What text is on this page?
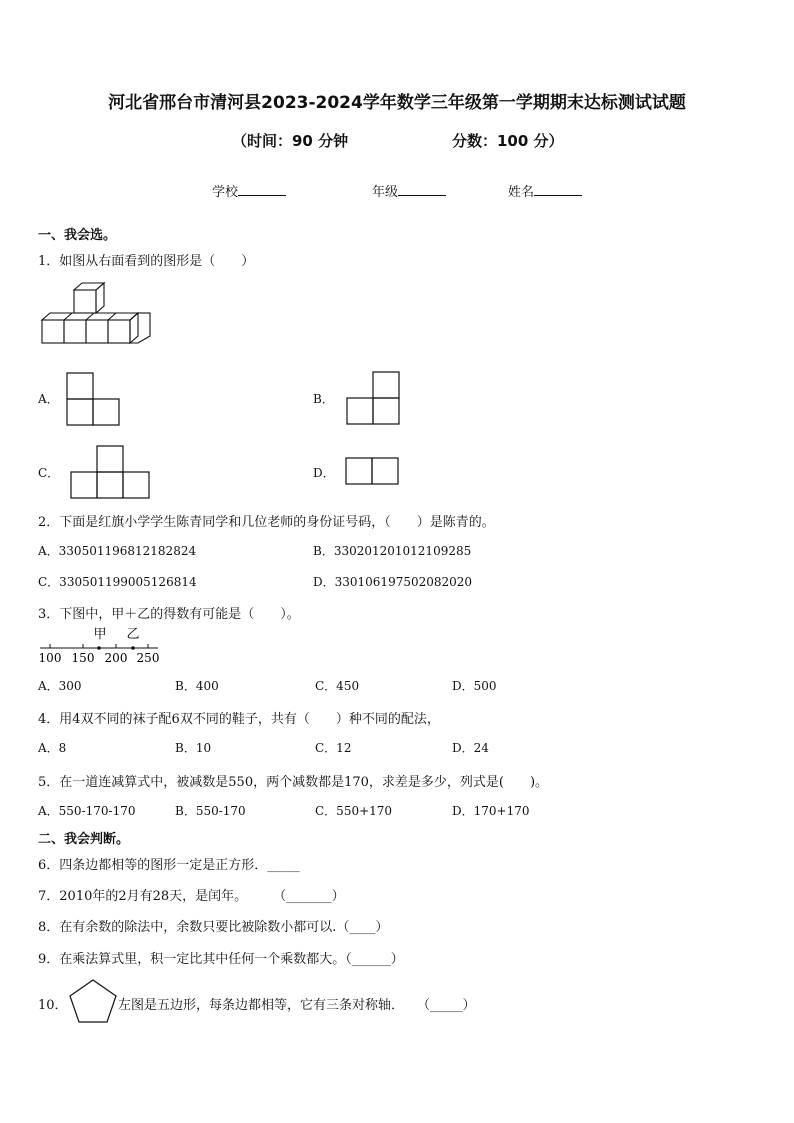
河北省邢台市清河县2023-2024学年数学三年级第一学期期末达标测试试题
（时间：90 分钟	分数：100 分）
学校	年级	姓名
一、我会选。
1．如图从右面看到的图形是（　　）
A．	B．
C．	D．
2．下面是红旗小学学生陈青同学和几位老师的身份证号码，（　　）是陈青的。
A．330501196812182824	B．330201201012109285
C．330501199005126814	D．330106197502082020
3．下图中，甲＋乙的得数有可能是（　　）。
甲 乙
100 150 200 250
A．300	B．400	C．450	D．500
4．用4双不同的袜子配6双不同的鞋子，共有（　　）种不同的配法，
A．8	B．10	C．12	D．24
5．在一道连减算式中，被减数是550，两个减数都是170，求差是多少，列式是(　　)。
A．550-170-170	B．550-170	C．550+170	D．170+170
二、我会判断。
6．四条边都相等的图形一定是正方形．_____
7．2010年的2月有28天，是闰年。　　　（_______）
8．在有余数的除法中，余数只要比被除数小都可以.（____）
9．在乘法算式里，积一定比其中任何一个乘数都大。（______）
10．	左图是五边形，每条边都相等，它有三条对称轴．　　（_____）
